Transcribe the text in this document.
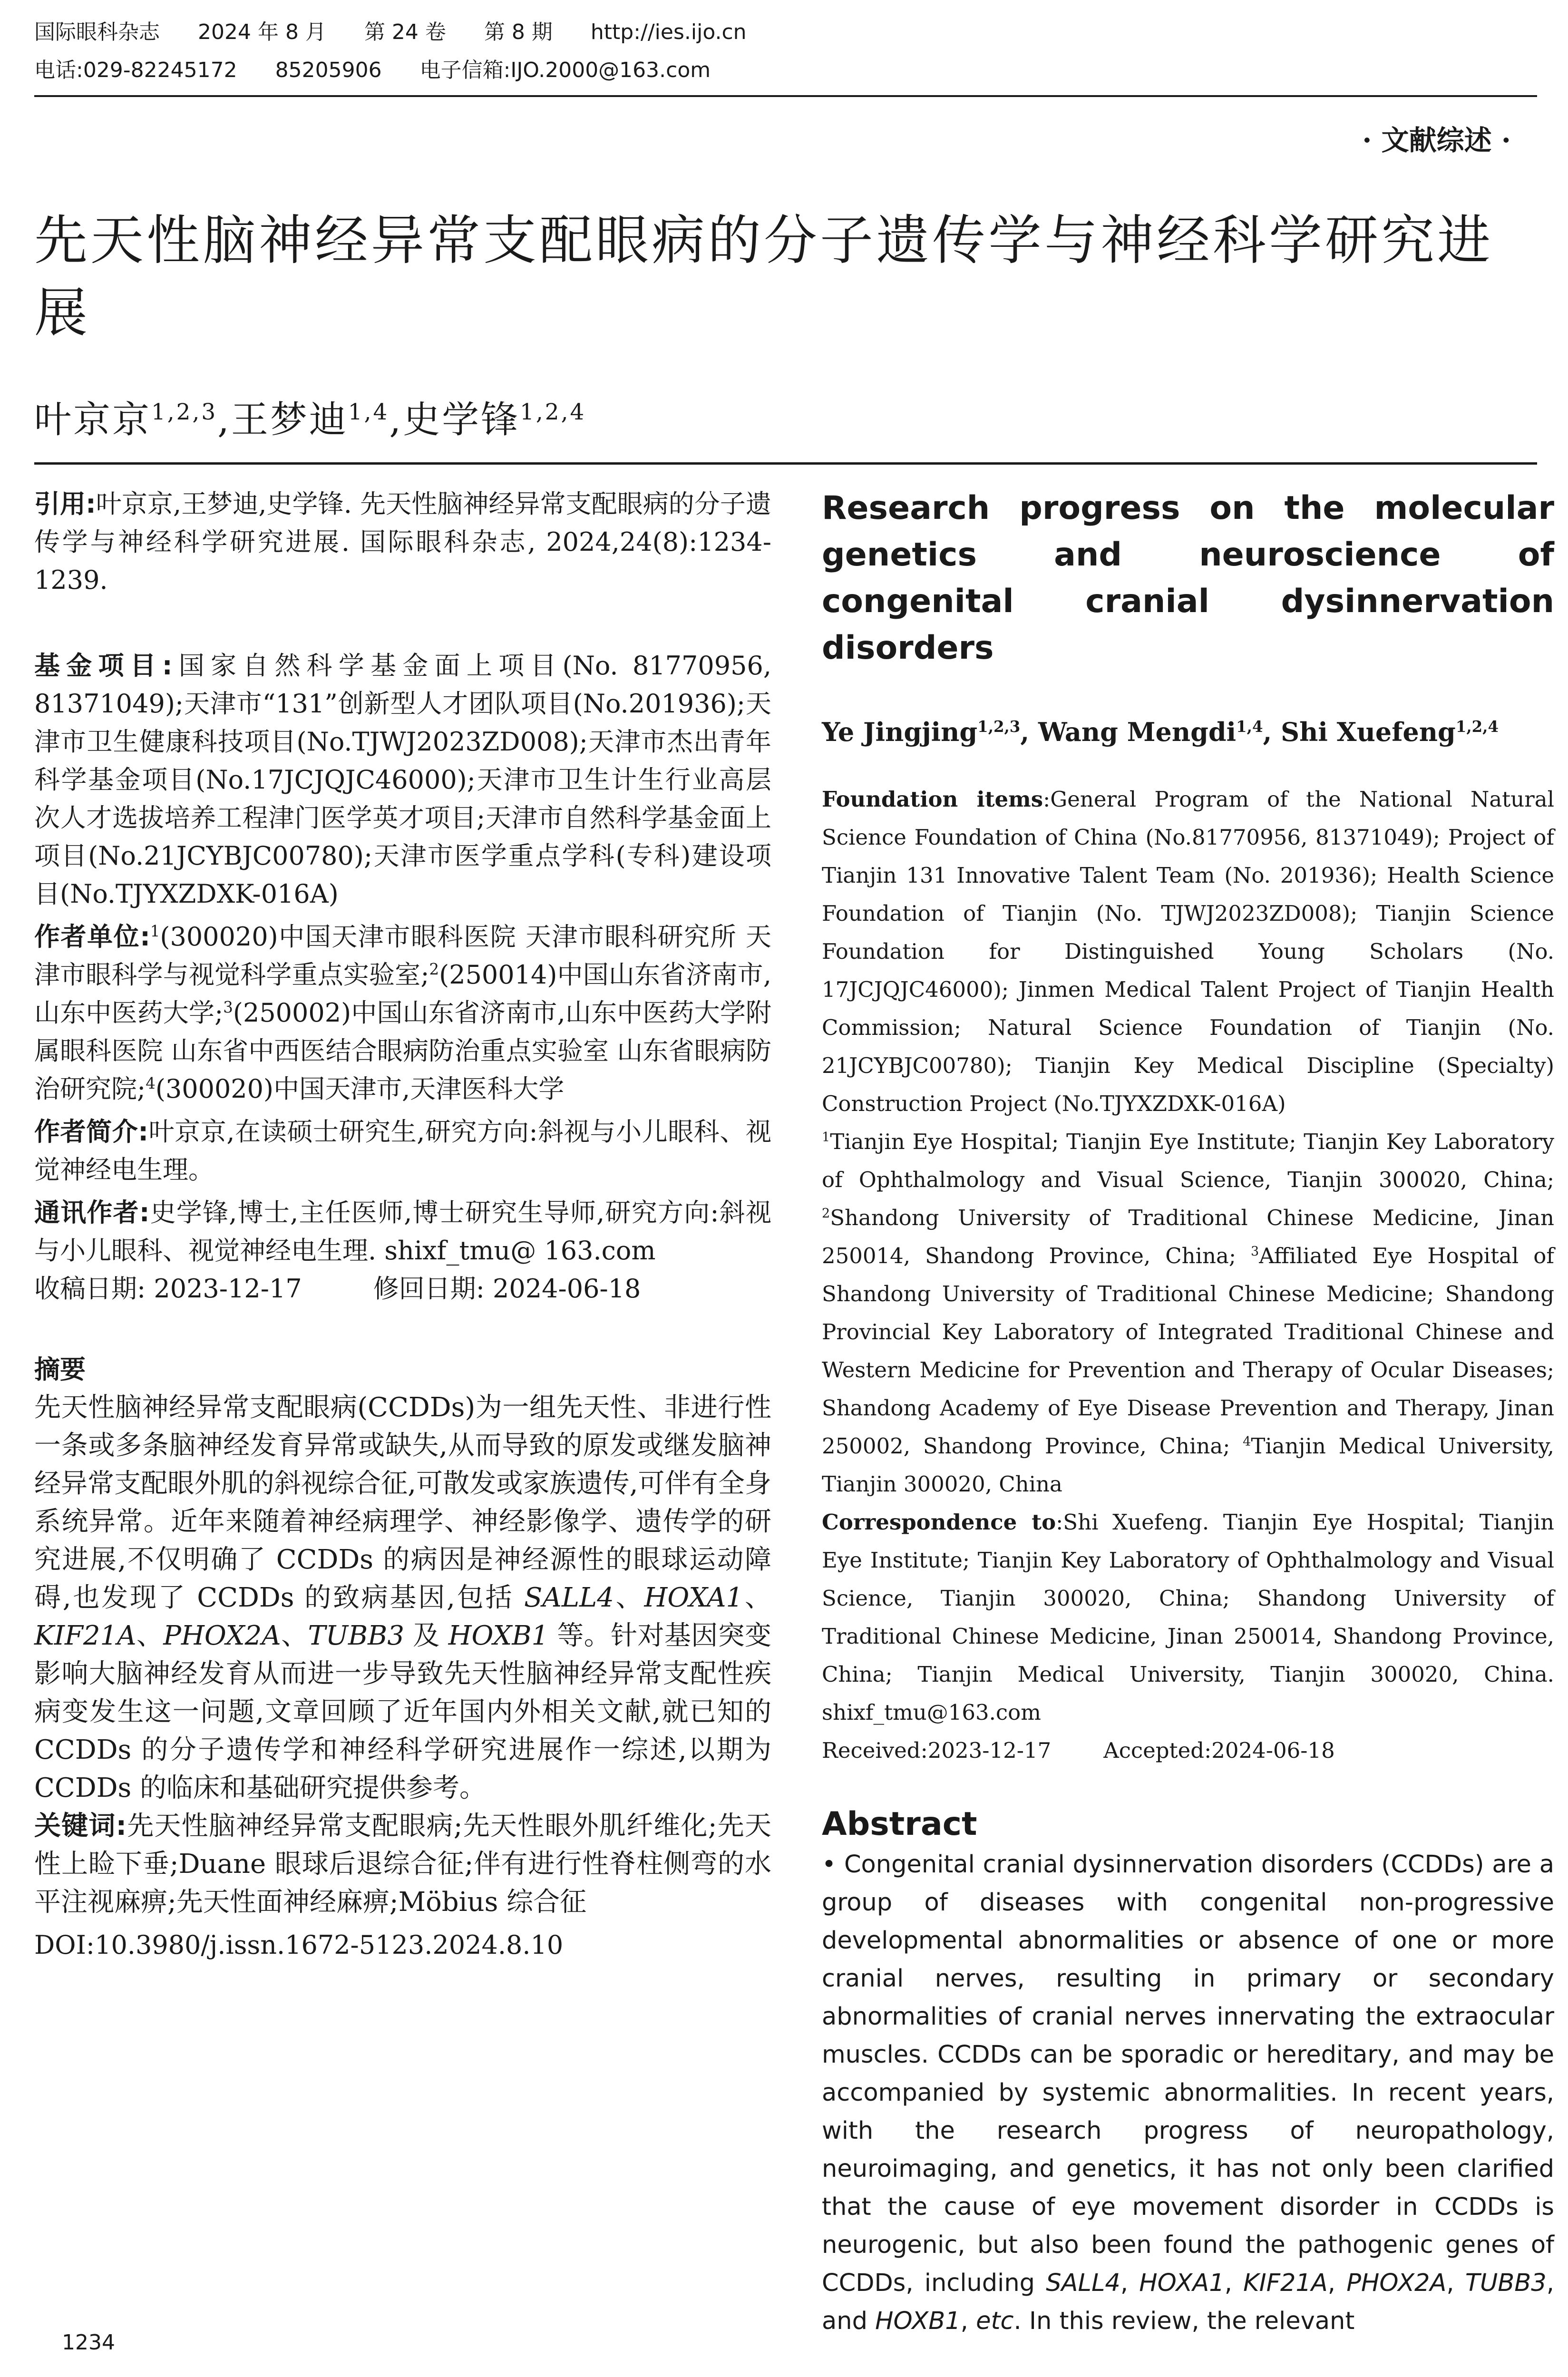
国际眼科杂志 2024 年 8 月 第 24 卷 第 8 期 http://ies.ijo.cn
电话:029-82245172 85205906 电子信箱:IJO.2000@163.com
· 文献综述 ·
先天性脑神经异常支配眼病的分子遗传学与神经科学研究进展
叶京京$^{1,2,3}$,王梦迪$^{1,4}$,史学锋$^{1,2,4}$

引用:叶京京,王梦迪,史学锋. 先天性脑神经异常支配眼病的分子遗传学与神经科学研究进展. 国际眼科杂志, 2024,24(8):1234-1239.

基金项目:国家自然科学基金面上项目(No. 81770956, 81371049);天津市“131”创新型人才团队项目(No.201936);天津市卫生健康科技项目(No.TJWJ2023ZD008);天津市杰出青年科学基金项目(No.17JCJQJC46000);天津市卫生计生行业高层次人才选拔培养工程津门医学英才项目;天津市自然科学基金面上项目(No.21JCYBJC00780);天津市医学重点学科(专科)建设项目(No.TJYXZDXK-016A)

作者单位:$^1$(300020)中国天津市眼科医院 天津市眼科研究所 天津市眼科学与视觉科学重点实验室;$^2$(250014)中国山东省济南市,山东中医药大学;$^3$(250002)中国山东省济南市,山东中医药大学附属眼科医院 山东省中西医结合眼病防治重点实验室 山东省眼病防治研究院;$^4$(300020)中国天津市,天津医科大学

作者简介:叶京京,在读硕士研究生,研究方向:斜视与小儿眼科、视觉神经电生理。

通讯作者:史学锋,博士,主任医师,博士研究生导师,研究方向:斜视与小儿眼科、视觉神经电生理. shixf_tmu@ 163.com

收稿日期: 2023-12-17	修回日期: 2024-06-18

摘要

先天性脑神经异常支配眼病(CCDDs)为一组先天性、非进行性一条或多条脑神经发育异常或缺失,从而导致的原发或继发脑神经异常支配眼外肌的斜视综合征,可散发或家族遗传,可伴有全身系统异常。近年来随着神经病理学、神经影像学、遗传学的研究进展,不仅明确了 CCDDs 的病因是神经源性的眼球运动障碍,也发现了 CCDDs 的致病基因,包括 SALL4、HOXA1、KIF21A、PHOX2A、TUBB3 及 HOXB1 等。针对基因突变影响大脑神经发育从而进一步导致先天性脑神经异常支配性疾病变发生这一问题,文章回顾了近年国内外相关文献,就已知的 CCDDs 的分子遗传学和神经科学研究进展作一综述,以期为 CCDDs 的临床和基础研究提供参考。

关键词:先天性脑神经异常支配眼病;先天性眼外肌纤维化;先天性上睑下垂;Duane 眼球后退综合征;伴有进行性脊柱侧弯的水平注视麻痹;先天性面神经麻痹;Möbius 综合征

DOI:10.3980/j.issn.1672-5123.2024.8.10

1234
Research progress on the molecular genetics and neuroscience of congenital cranial dysinnervation disorders
Ye Jingjing$^{1,2,3}$, Wang Mengdi$^{1,4}$, Shi Xuefeng$^{1,2,4}$

Foundation items:General Program of the National Natural Science Foundation of China (No.81770956, 81371049); Project of Tianjin 131 Innovative Talent Team (No. 201936); Health Science Foundation of Tianjin (No. TJWJ2023ZD008); Tianjin Science Foundation for Distinguished Young Scholars (No. 17JCJQJC46000); Jinmen Medical Talent Project of Tianjin Health Commission; Natural Science Foundation of Tianjin (No. 21JCYBJC00780); Tianjin Key Medical Discipline (Specialty) Construction Project (No.TJYXZDXK-016A)

$^1$Tianjin Eye Hospital; Tianjin Eye Institute; Tianjin Key Laboratory of Ophthalmology and Visual Science, Tianjin 300020, China; $^2$Shandong University of Traditional Chinese Medicine, Jinan 250014, Shandong Province, China; $^3$Affiliated Eye Hospital of Shandong University of Traditional Chinese Medicine; Shandong Provincial Key Laboratory of Integrated Traditional Chinese and Western Medicine for Prevention and Therapy of Ocular Diseases; Shandong Academy of Eye Disease Prevention and Therapy, Jinan 250002, Shandong Province, China; $^4$Tianjin Medical University, Tianjin 300020, China

Correspondence to:Shi Xuefeng. Tianjin Eye Hospital; Tianjin Eye Institute; Tianjin Key Laboratory of Ophthalmology and Visual Science, Tianjin 300020, China; Shandong University of Traditional Chinese Medicine, Jinan 250014, Shandong Province, China; Tianjin Medical University, Tianjin 300020, China. shixf_tmu@163.com

Received:2023-12-17 Accepted:2024-06-18

Abstract

• Congenital cranial dysinnervation disorders (CCDDs) are a group of diseases with congenital non-progressive developmental abnormalities or absence of one or more cranial nerves, resulting in primary or secondary abnormalities of cranial nerves innervating the extraocular muscles. CCDDs can be sporadic or hereditary, and may be accompanied by systemic abnormalities. In recent years, with the research progress of neuropathology, neuroimaging, and genetics, it has not only been clarified that the cause of eye movement disorder in CCDDs is neurogenic, but also been found the pathogenic genes of CCDDs, including SALL4, HOXA1, KIF21A, PHOX2A, TUBB3, and HOXB1, etc. In this review, the relevant
